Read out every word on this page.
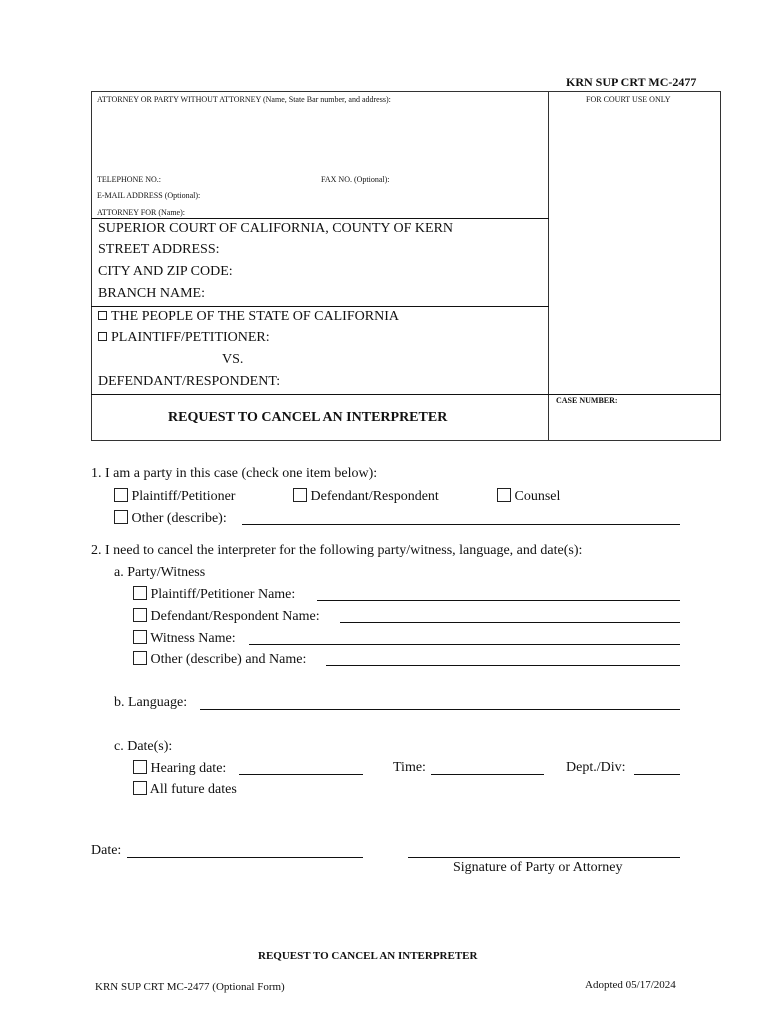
KRN SUP CRT MC-2477
ATTORNEY OR PARTY WITHOUT ATTORNEY (Name, State Bar number, and address):	FOR COURT USE ONLY
TELEPHONE NO.:	FAX NO. (Optional):
E-MAIL ADDRESS (Optional):
ATTORNEY FOR (Name):
SUPERIOR COURT OF CALIFORNIA, COUNTY OF KERN
STREET ADDRESS:
CITY AND ZIP CODE:
BRANCH NAME:
THE PEOPLE OF THE STATE OF CALIFORNIA
PLAINTIFF/PETITIONER:
VS.
DEFENDANT/RESPONDENT:
CASE NUMBER:
REQUEST TO CANCEL AN INTERPRETER
1. I am a party in this case (check one item below):
Plaintiff/Petitioner	Defendant/Respondent	Counsel
Other (describe):
2. I need to cancel the interpreter for the following party/witness, language, and date(s):
a. Party/Witness
Plaintiff/Petitioner Name:
Defendant/Respondent Name:
Witness Name:
Other (describe) and Name:
b. Language:
c. Date(s):
Hearing date:	Time:	Dept./Div:
All future dates
Date:
Signature of Party or Attorney
REQUEST TO CANCEL AN INTERPRETER
KRN SUP CRT MC-2477 (Optional Form)	Adopted 05/17/2024
